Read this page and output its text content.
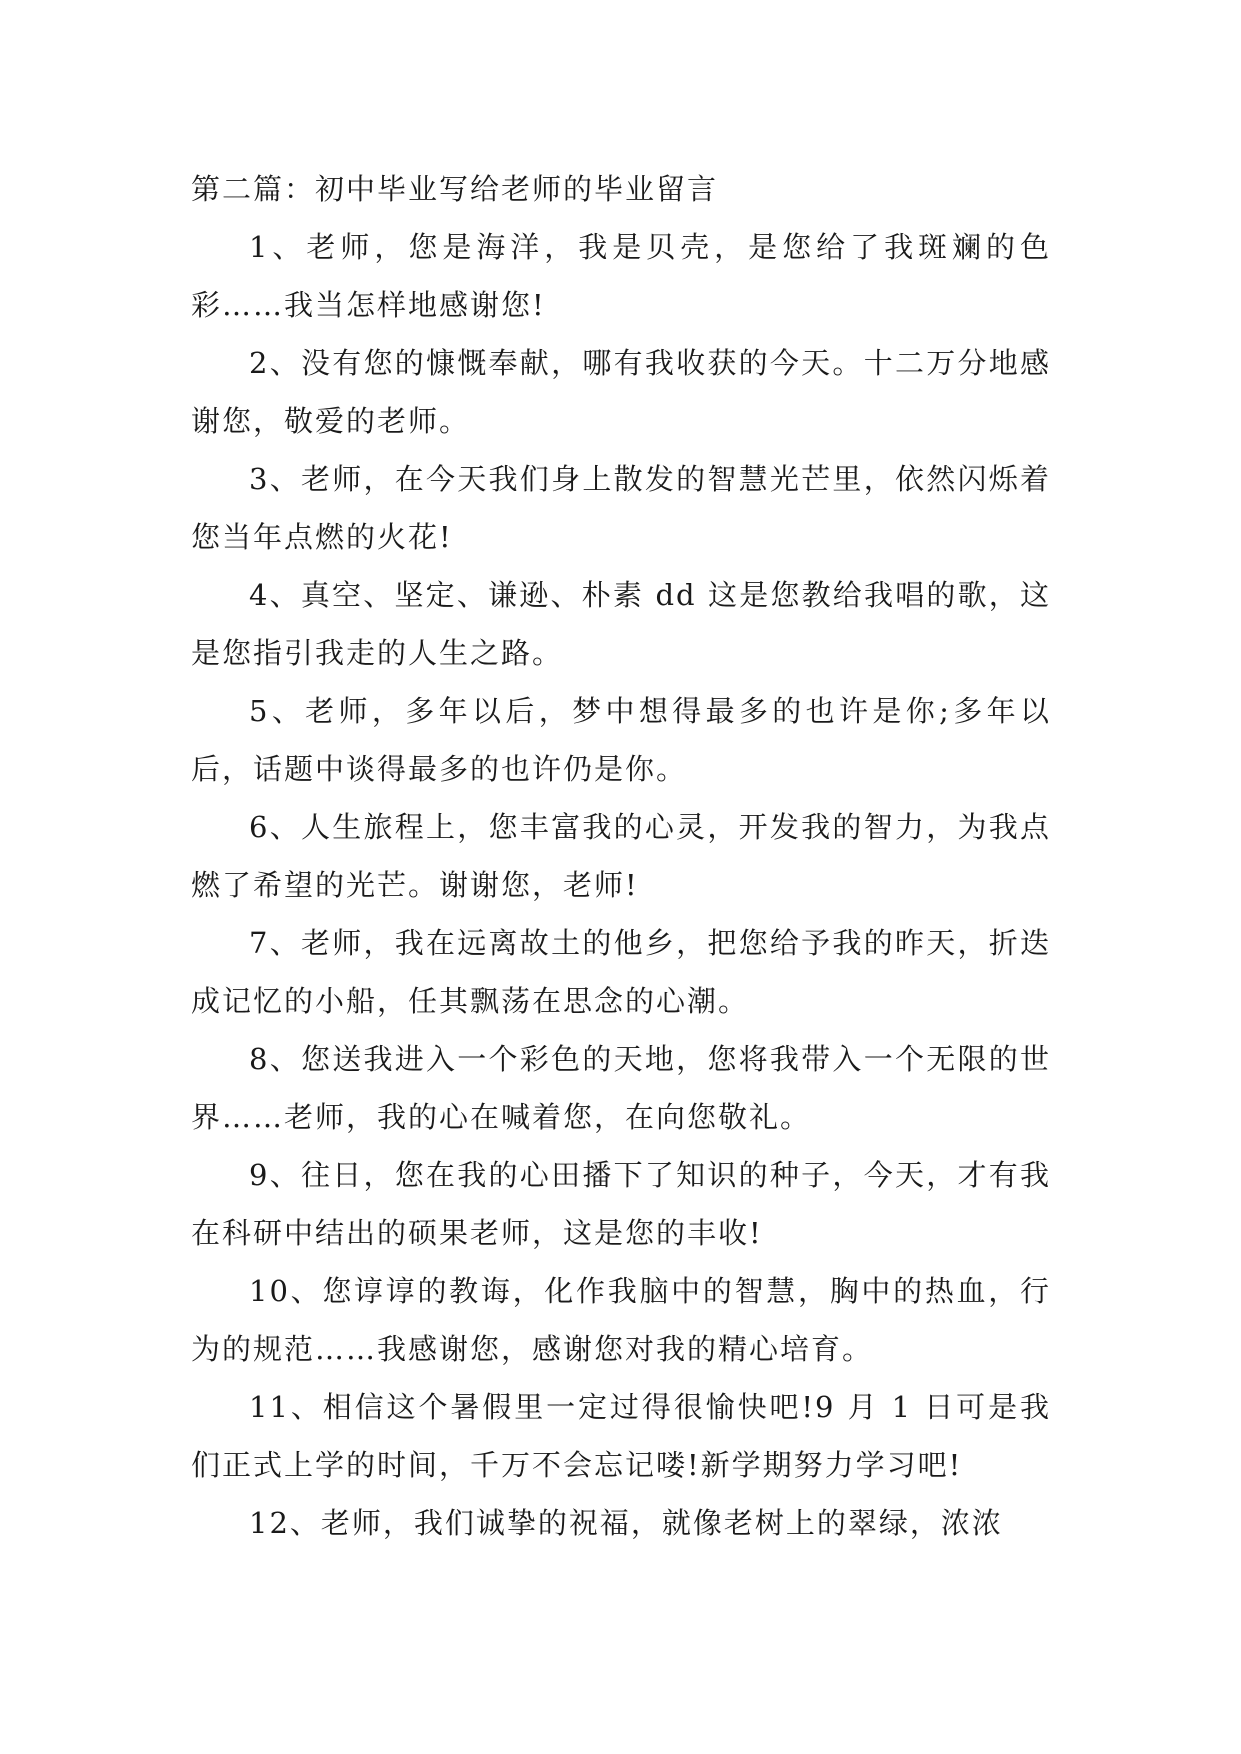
第二篇：初中毕业写给老师的毕业留言

1、老师，您是海洋，我是贝壳，是您给了我斑斓的色彩……我当怎样地感谢您!

2、没有您的慷慨奉献，哪有我收获的今天。十二万分地感谢您，敬爱的老师。

3、老师，在今天我们身上散发的智慧光芒里，依然闪烁着您当年点燃的火花!

4、真空、坚定、谦逊、朴素 dd 这是您教给我唱的歌，这是您指引我走的人生之路。

5、老师，多年以后，梦中想得最多的也许是你;多年以后，话题中谈得最多的也许仍是你。

6、人生旅程上，您丰富我的心灵，开发我的智力，为我点燃了希望的光芒。谢谢您，老师!

7、老师，我在远离故土的他乡，把您给予我的昨天，折迭成记忆的小船，任其飘荡在思念的心潮。

8、您送我进入一个彩色的天地，您将我带入一个无限的世界……老师，我的心在喊着您，在向您敬礼。

9、往日，您在我的心田播下了知识的种子，今天，才有我在科研中结出的硕果老师，这是您的丰收!

10、您谆谆的教诲，化作我脑中的智慧，胸中的热血，行为的规范……我感谢您，感谢您对我的精心培育。

11、相信这个暑假里一定过得很愉快吧!9 月 1 日可是我们正式上学的时间，千万不会忘记喽!新学期努力学习吧!

12、老师，我们诚挚的祝福，就像老树上的翠绿，浓浓
